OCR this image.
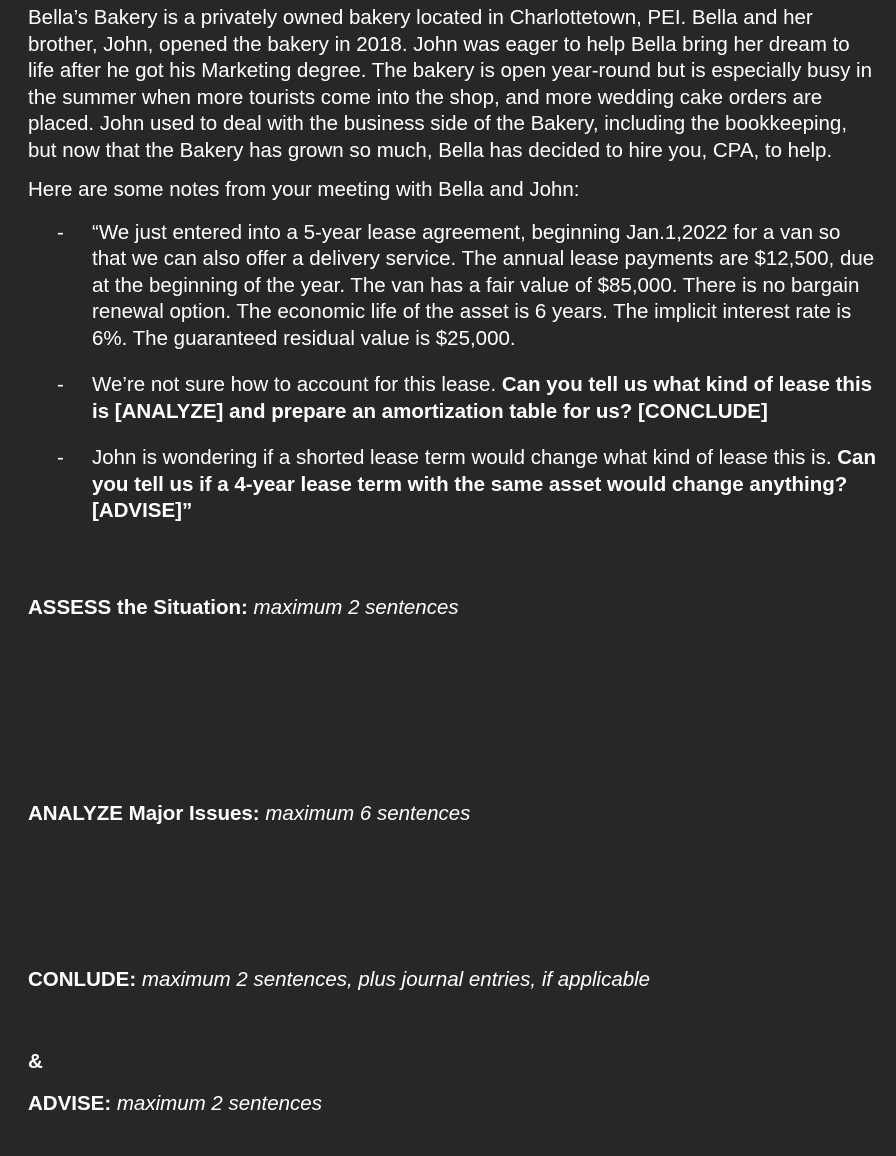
Bella’s Bakery is a privately owned bakery located in Charlottetown, PEI. Bella and her brother, John, opened the bakery in 2018. John was eager to help Bella bring her dream to life after he got his Marketing degree. The bakery is open year-round but is especially busy in the summer when more tourists come into the shop, and more wedding cake orders are placed. John used to deal with the business side of the Bakery, including the bookkeeping, but now that the Bakery has grown so much, Bella has decided to hire you, CPA, to help.

Here are some notes from your meeting with Bella and John:

- “We just entered into a 5-year lease agreement, beginning Jan.1,2022 for a van so that we can also offer a delivery service. The annual lease payments are $12,500, due at the beginning of the year. The van has a fair value of $85,000. There is no bargain renewal option. The economic life of the asset is 6 years. The implicit interest rate is 6%. The guaranteed residual value is $25,000.
- We’re not sure how to account for this lease. Can you tell us what kind of lease this is [ANALYZE] and prepare an amortization table for us? [CONCLUDE]
- John is wondering if a shorted lease term would change what kind of lease this is. Can you tell us if a 4-year lease term with the same asset would change anything? [ADVISE]”

ASSESS the Situation: maximum 2 sentences

ANALYZE Major Issues: maximum 6 sentences

CONLUDE: maximum 2 sentences, plus journal entries, if applicable

&

ADVISE: maximum 2 sentences
